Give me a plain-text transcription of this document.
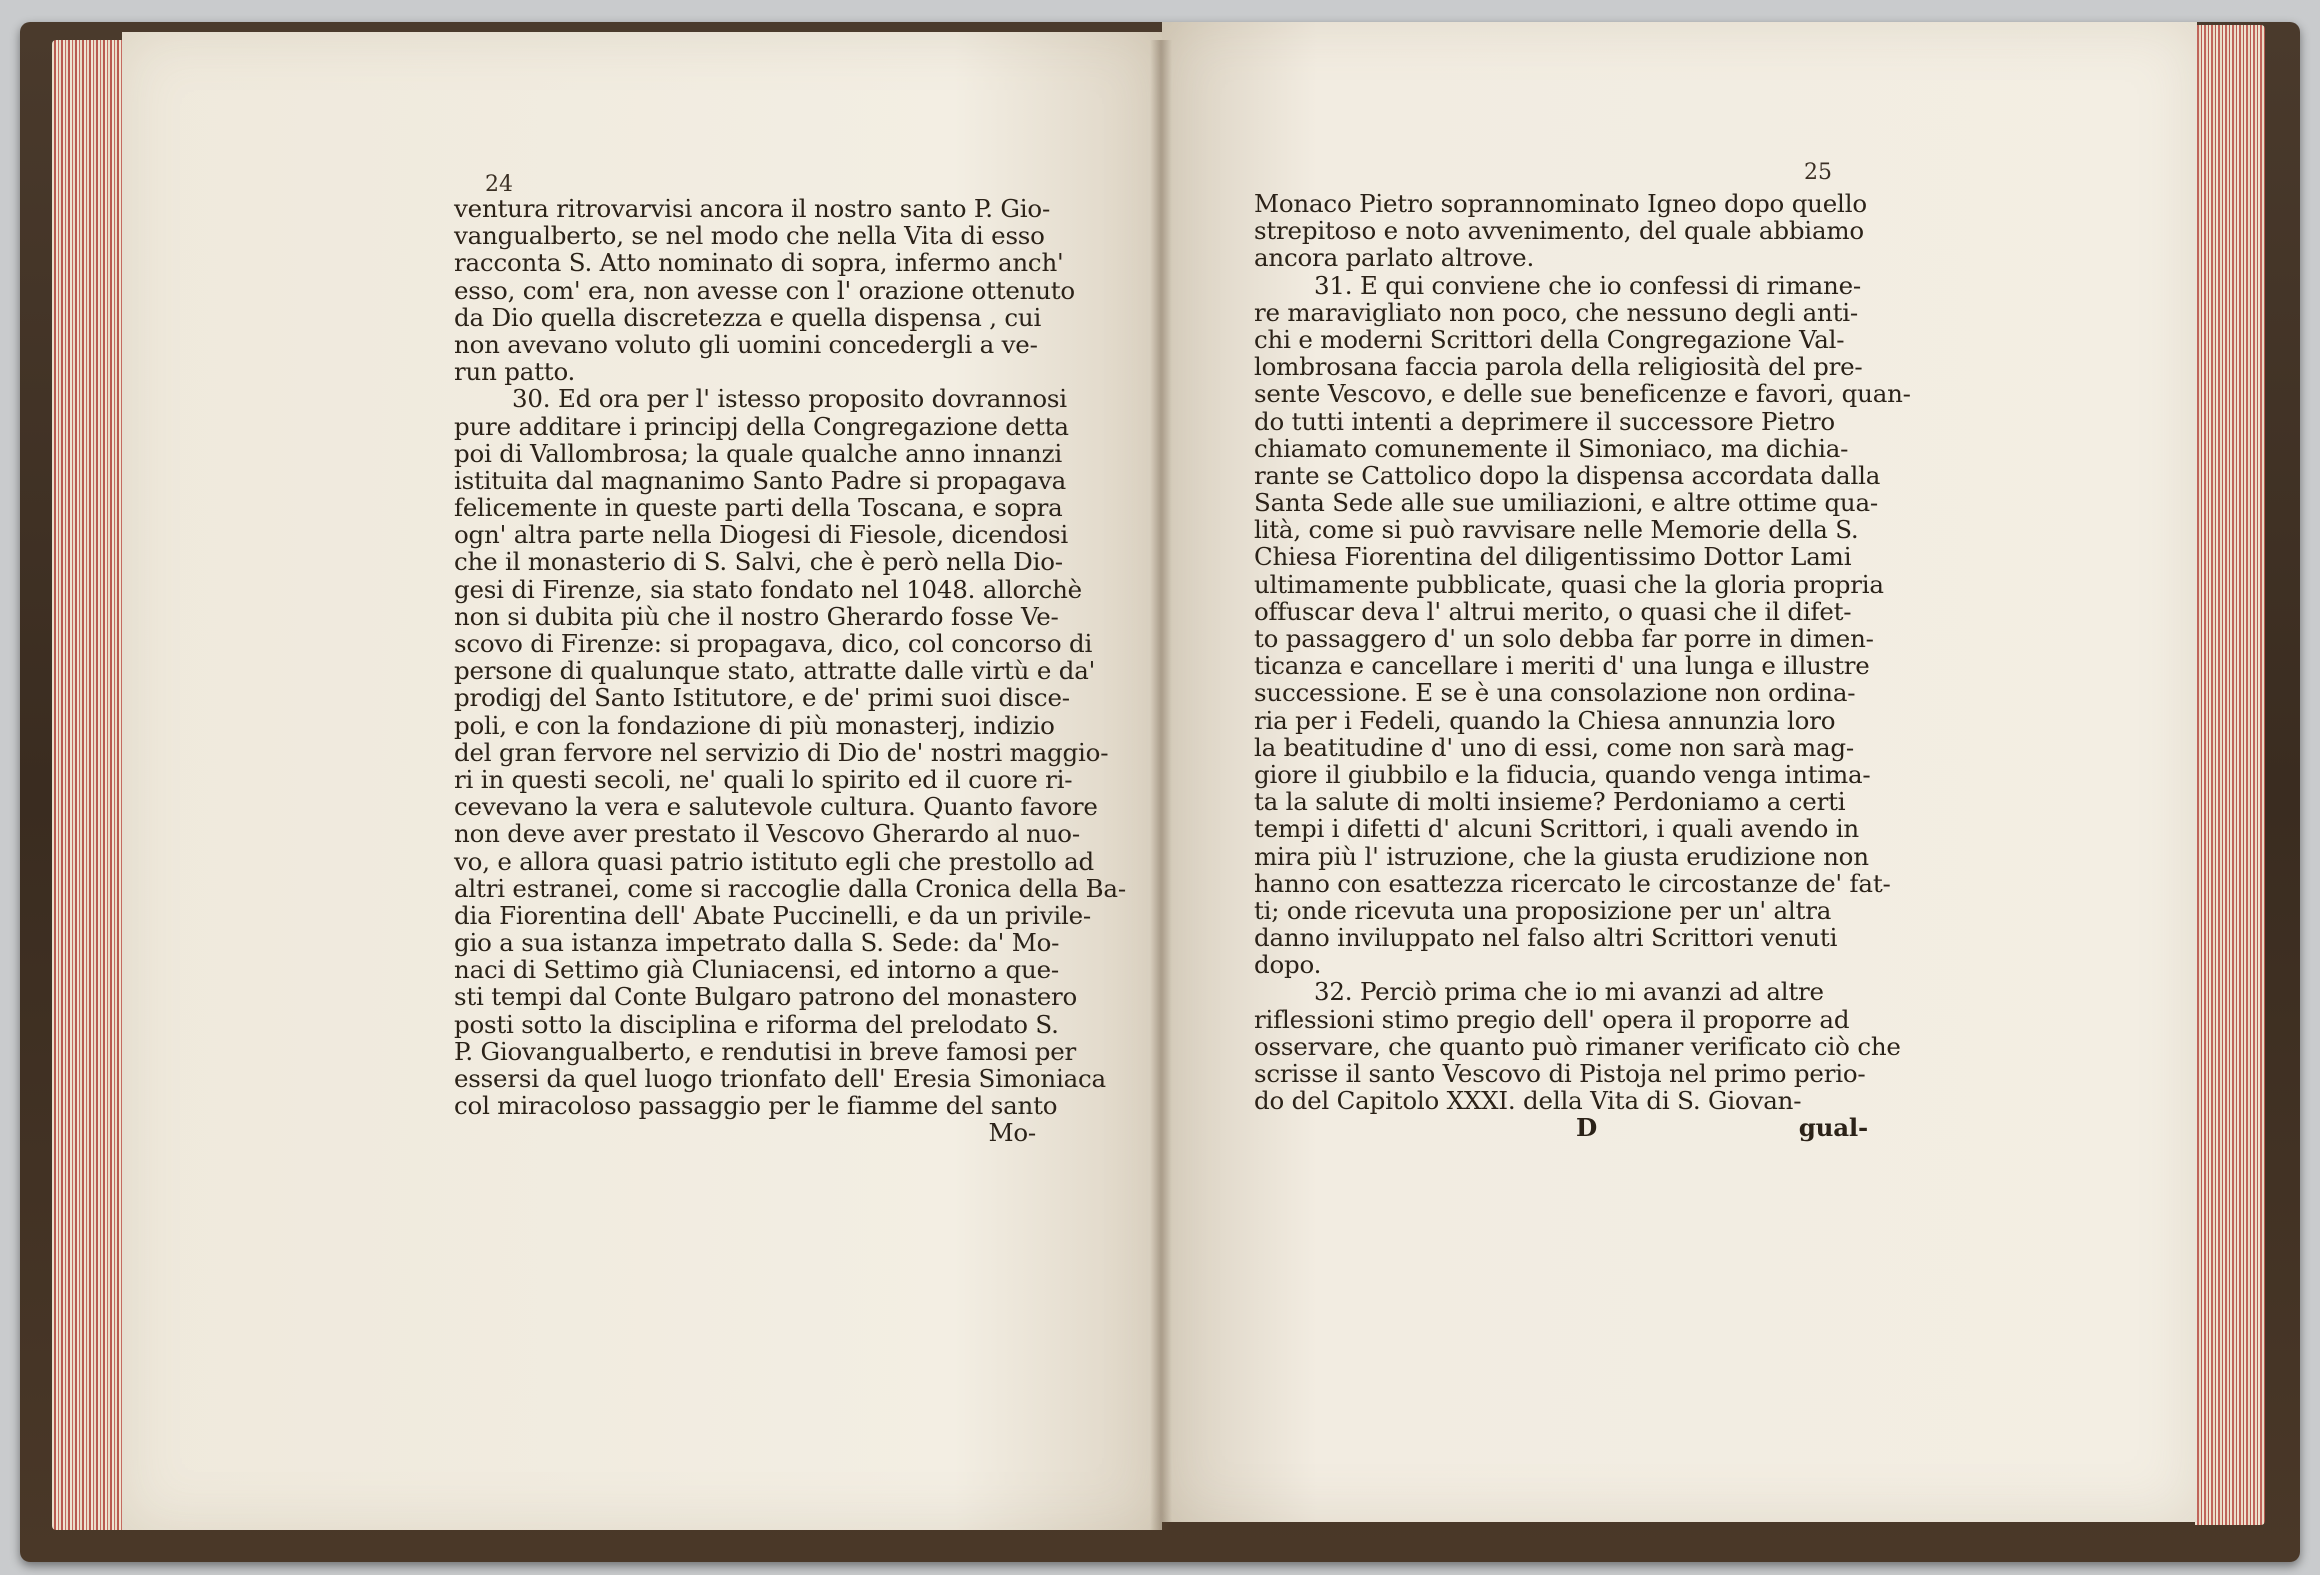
24	25
ventura ritrovarvisi ancora il nostro santo P. Gio-
vangualberto, se nel modo che nella Vita di esso
racconta S. Atto nominato di sopra, infermo anch'
esso, com' era, non avesse con l' orazione ottenuto
da Dio quella discretezza e quella dispensa , cui
non avevano voluto gli uomini concedergli a ve-
run patto.
30. Ed ora per l' istesso proposito dovrannosi
pure additare i principj della Congregazione detta
poi di Vallombrosa; la quale qualche anno innanzi
istituita dal magnanimo Santo Padre si propagava
felicemente in queste parti della Toscana, e sopra
ogn' altra parte nella Diogesi di Fiesole, dicendosi
che il monasterio di S. Salvi, che è però nella Dio-
gesi di Firenze, sia stato fondato nel 1048. allorchè
non si dubita più che il nostro Gherardo fosse Ve-
scovo di Firenze: si propagava, dico, col concorso di
persone di qualunque stato, attratte dalle virtù e da'
prodigj del Santo Istitutore, e de' primi suoi disce-
poli, e con la fondazione di più monasterj, indizio
del gran fervore nel servizio di Dio de' nostri maggio-
ri in questi secoli, ne' quali lo spirito ed il cuore ri-
cevevano la vera e salutevole cultura. Quanto favore
non deve aver prestato il Vescovo Gherardo al nuo-
vo, e allora quasi patrio istituto egli che prestollo ad
altri estranei, come si raccoglie dalla Cronica della Ba-
dia Fiorentina dell' Abate Puccinelli, e da un privile-
gio a sua istanza impetrato dalla S. Sede: da' Mo-
naci di Settimo già Cluniacensi, ed intorno a que-
sti tempi dal Conte Bulgaro patrono del monastero
posti sotto la disciplina e riforma del prelodato S.
P. Giovangualberto, e rendutisi in breve famosi per
essersi da quel luogo trionfato dell' Eresia Simoniaca
col miracoloso passaggio per le fiamme del santo
Mo-
Monaco Pietro soprannominato Igneo dopo quello
strepitoso e noto avvenimento, del quale abbiamo
ancora parlato altrove.
31. E qui conviene che io confessi di rimane-
re maravigliato non poco, che nessuno degli anti-
chi e moderni Scrittori della Congregazione Val-
lombrosana faccia parola della religiosità del pre-
sente Vescovo, e delle sue beneficenze e favori, quan-
do tutti intenti a deprimere il successore Pietro
chiamato comunemente il Simoniaco, ma dichia-
rante se Cattolico dopo la dispensa accordata dalla
Santa Sede alle sue umiliazioni, e altre ottime qua-
lità, come si può ravvisare nelle Memorie della S.
Chiesa Fiorentina del diligentissimo Dottor Lami
ultimamente pubblicate, quasi che la gloria propria
offuscar deva l' altrui merito, o quasi che il difet-
to passaggero d' un solo debba far porre in dimen-
ticanza e cancellare i meriti d' una lunga e illustre
successione. E se è una consolazione non ordina-
ria per i Fedeli, quando la Chiesa annunzia loro
la beatitudine d' uno di essi, come non sarà mag-
giore il giubbilo e la fiducia, quando venga intima-
ta la salute di molti insieme? Perdoniamo a certi
tempi i difetti d' alcuni Scrittori, i quali avendo in
mira più l' istruzione, che la giusta erudizione non
hanno con esattezza ricercato le circostanze de' fat-
ti; onde ricevuta una proposizione per un' altra
danno inviluppato nel falso altri Scrittori venuti
dopo.
32. Perciò prima che io mi avanzi ad altre
riflessioni stimo pregio dell' opera il proporre ad
osservare, che quanto può rimaner verificato ciò che
scrisse il santo Vescovo di Pistoja nel primo perio-
do del Capitolo XXXI. della Vita di S. Giovan-
D	gual-
